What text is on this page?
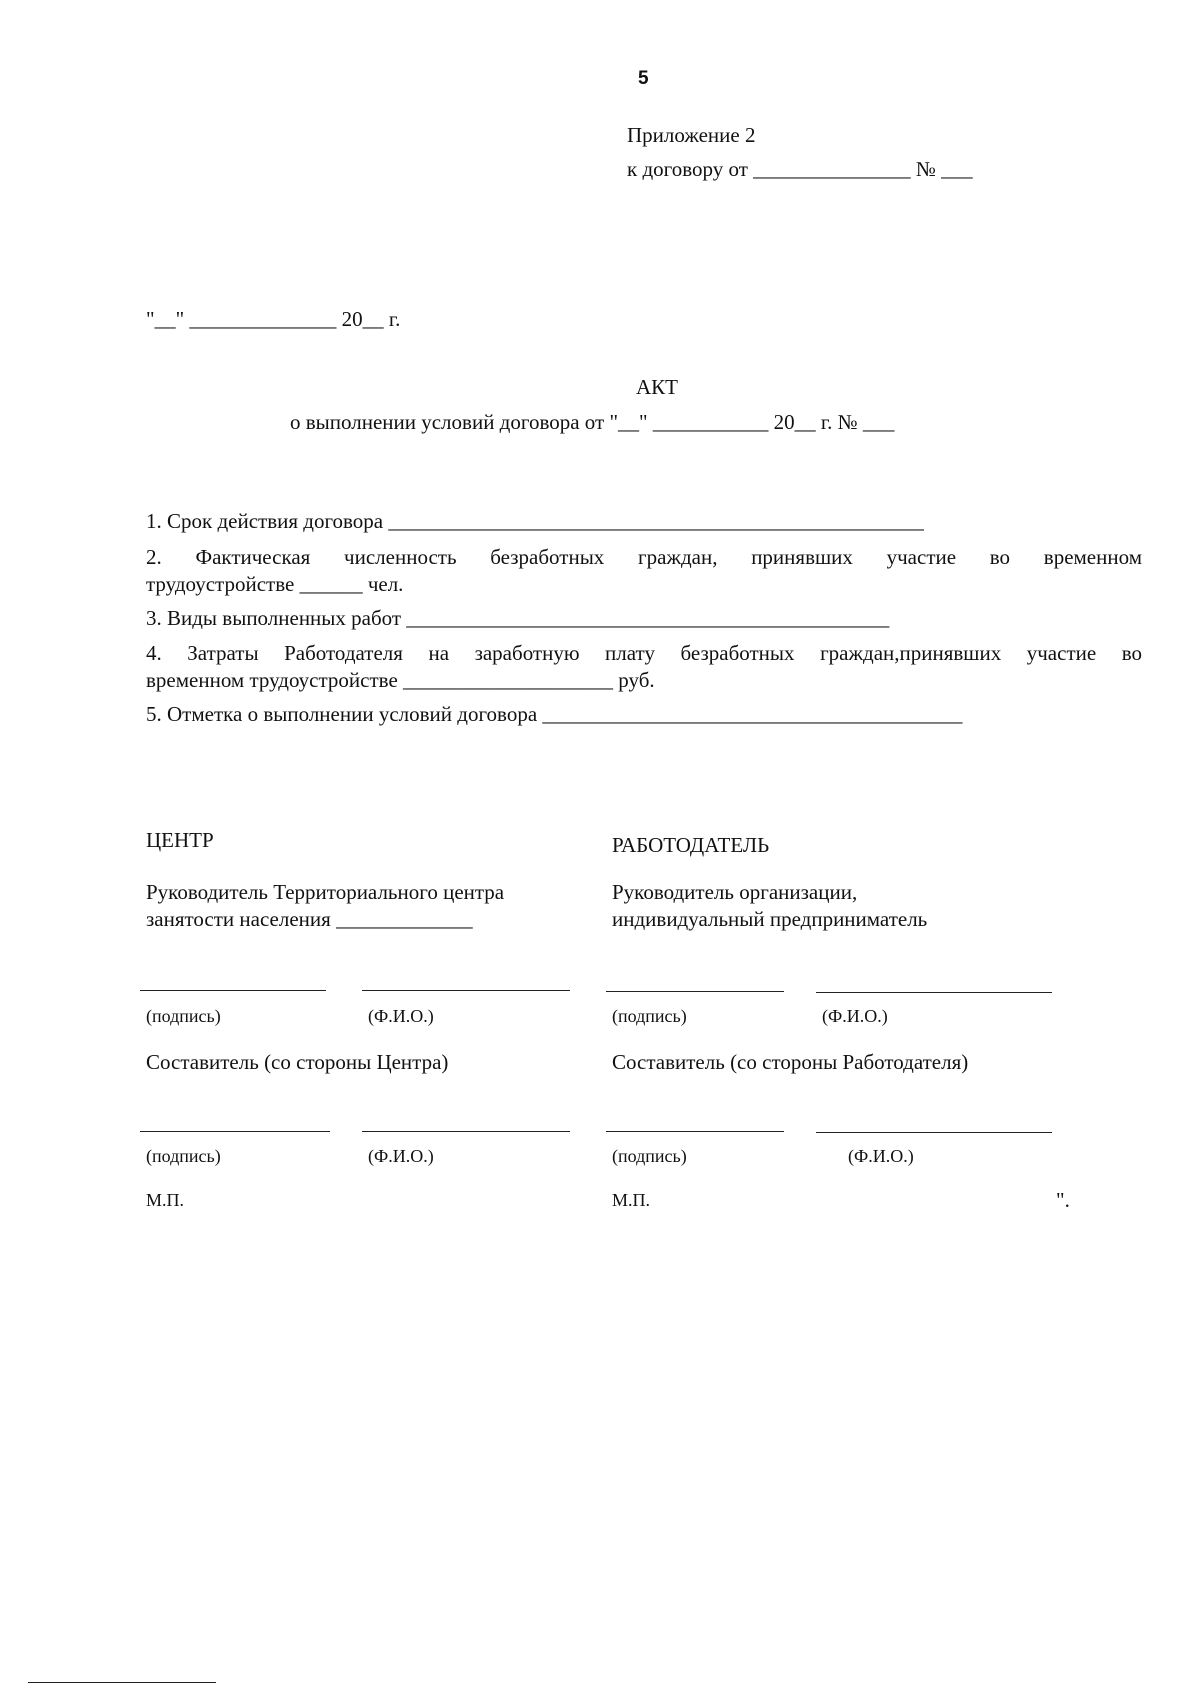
5
Приложение 2
к договору от _______________ № ___
"__" ______________ 20__ г.
АКТ
о выполнении условий договора от "__" ___________ 20__ г. № ___
1. Срок действия договора ___________________________________________________
2. Фактическая численность безработных граждан, принявших участие во временном
трудоустройстве ______ чел.
3. Виды выполненных работ ______________________________________________
4. Затраты Работодателя на заработную плату безработных граждан,принявших участие во
временном трудоустройстве ____________________ руб.
5. Отметка о выполнении условий договора ________________________________________
ЦЕНТР
Руководитель Территориального центра
занятости населения _____________
(подпись)	(Ф.И.О.)
Составитель (со стороны Центра)
(подпись)	(Ф.И.О.)
М.П.
РАБОТОДАТЕЛЬ
Руководитель организации,
индивидуальный предприниматель
(подпись)	(Ф.И.О.)
Составитель (со стороны Работодателя)
(подпись)	(Ф.И.О.)
М.П.	".
